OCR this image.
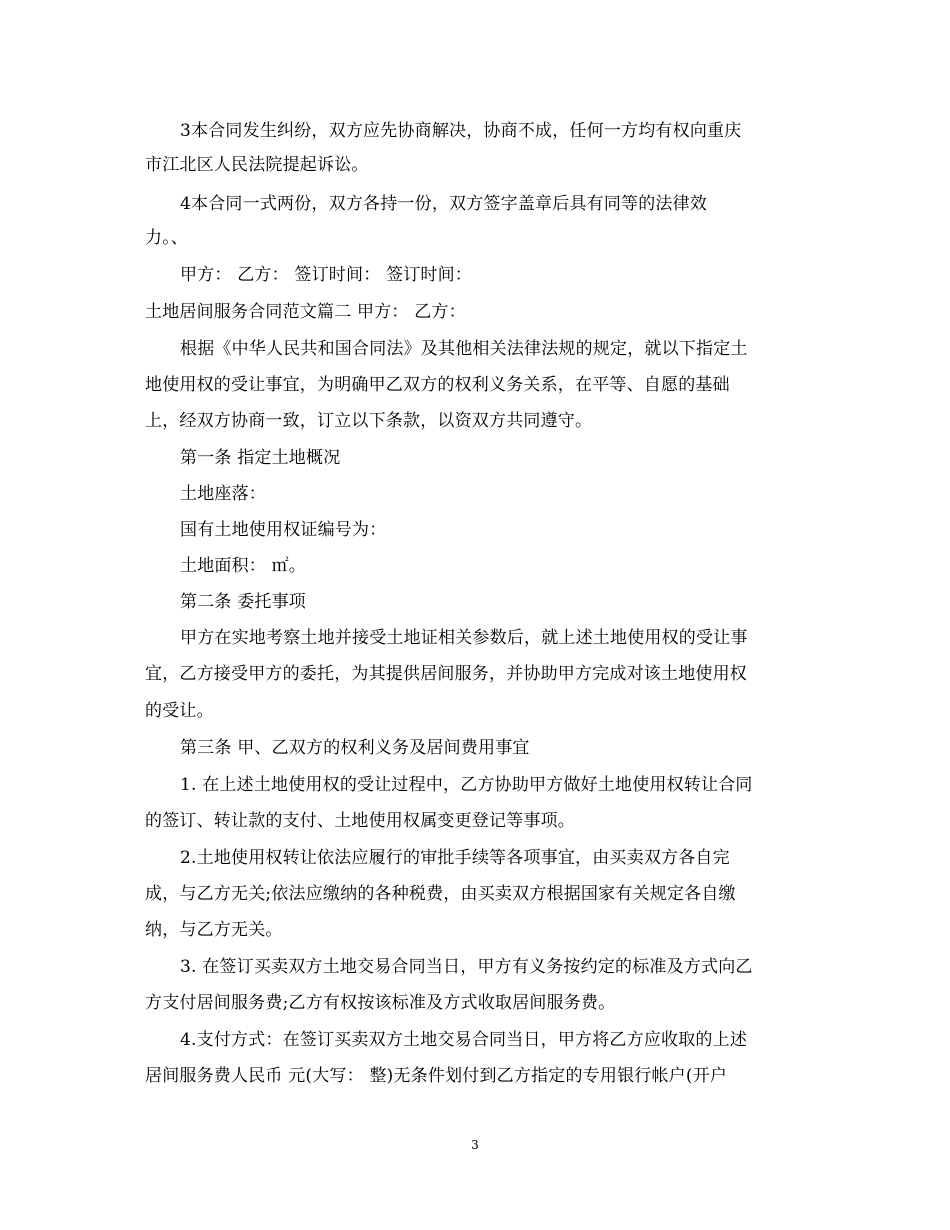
3本合同发生纠纷，双方应先协商解决，协商不成，任何一方均有权向重庆
市江北区人民法院提起诉讼。
4本合同一式两份，双方各持一份，双方签字盖章后具有同等的法律效
力。、
甲方： 乙方： 签订时间： 签订时间：
土地居间服务合同范文篇二 甲方： 乙方：
根据《中华人民共和国合同法》及其他相关法律法规的规定，就以下指定土
地使用权的受让事宜，为明确甲乙双方的权利义务关系，在平等、自愿的基础
上，经双方协商一致，订立以下条款，以资双方共同遵守。
第一条 指定土地概况
土地座落：
国有土地使用权证编号为：
土地面积： ㎡。
第二条 委托事项
甲方在实地考察土地并接受土地证相关参数后，就上述土地使用权的受让事
宜，乙方接受甲方的委托，为其提供居间服务，并协助甲方完成对该土地使用权
的受让。
第三条 甲、乙双方的权利义务及居间费用事宜
1. 在上述土地使用权的受让过程中，乙方协助甲方做好土地使用权转让合同
的签订、转让款的支付、土地使用权属变更登记等事项。
2.土地使用权转让依法应履行的审批手续等各项事宜，由买卖双方各自完
成，与乙方无关;依法应缴纳的各种税费，由买卖双方根据国家有关规定各自缴
纳，与乙方无关。
3. 在签订买卖双方土地交易合同当日，甲方有义务按约定的标准及方式向乙
方支付居间服务费;乙方有权按该标准及方式收取居间服务费。
4.支付方式：在签订买卖双方土地交易合同当日，甲方将乙方应收取的上述
居间服务费人民币 元(大写： 整)无条件划付到乙方指定的专用银行帐户(开户
3
